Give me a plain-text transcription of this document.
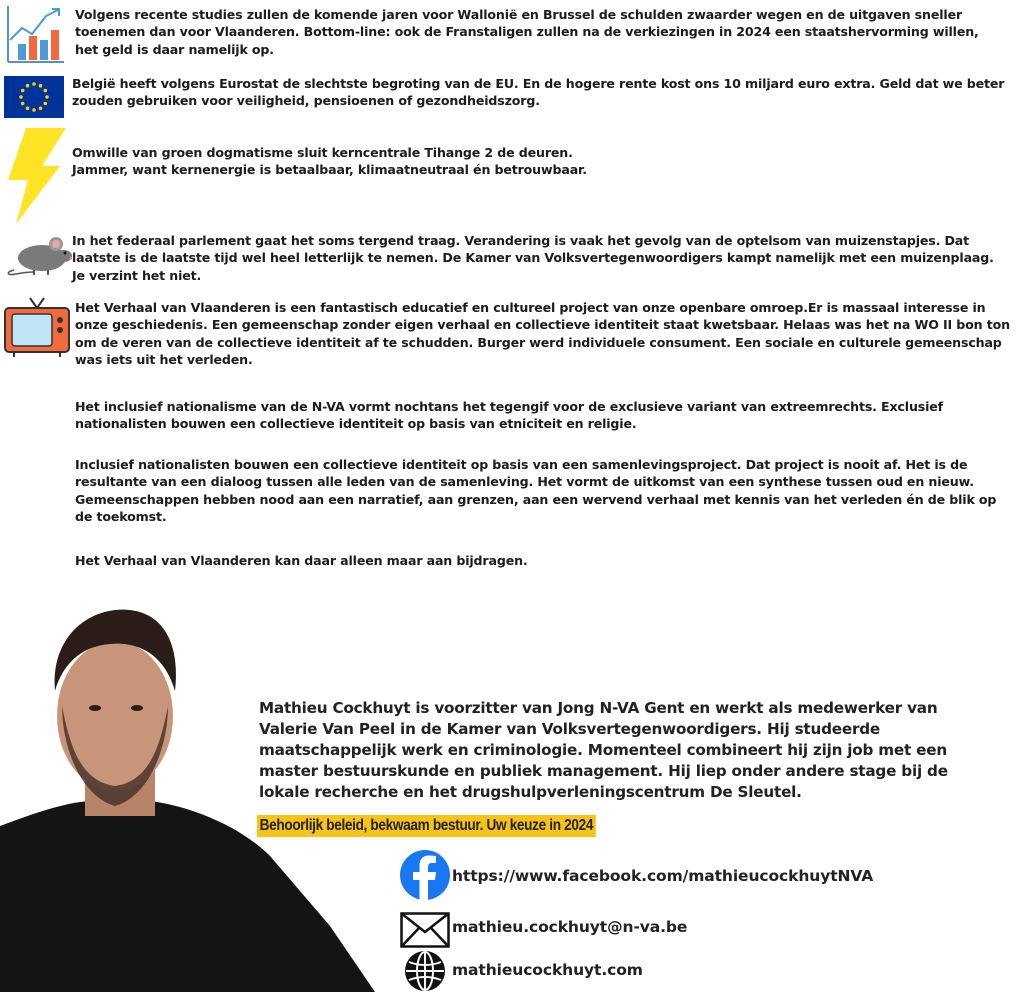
Volgens recente studies zullen de komende jaren voor Wallonië en Brussel de schulden zwaarder wegen en de uitgaven sneller toenemen dan voor Vlaanderen. Bottom-line: ook de Franstaligen zullen na de verkiezingen in 2024 een staatshervorming willen, het geld is daar namelijk op.
België heeft volgens Eurostat de slechtste begroting van de EU. En de hogere rente kost ons 10 miljard euro extra. Geld dat we beter zouden gebruiken voor veiligheid, pensioenen of gezondheidszorg.
Omwille van groen dogmatisme sluit kerncentrale Tihange 2 de deuren.
Jammer, want kernenergie is betaalbaar, klimaatneutraal én betrouwbaar.
In het federaal parlement gaat het soms tergend traag. Verandering is vaak het gevolg van de optelsom van muizenstapjes. Dat laatste is de laatste tijd wel heel letterlijk te nemen. De Kamer van Volksvertegenwoordigers kampt namelijk met een muizenplaag. Je verzint het niet.
Het Verhaal van Vlaanderen is een fantastisch educatief en cultureel project van onze openbare omroep.Er is massaal interesse in onze geschiedenis. Een gemeenschap zonder eigen verhaal en collectieve identiteit staat kwetsbaar. Helaas was het na WO II bon ton om de veren van de collectieve identiteit af te schudden. Burger werd individuele consument. Een sociale en culturele gemeenschap was iets uit het verleden.
Het inclusief nationalisme van de N-VA vormt nochtans het tegengif voor de exclusieve variant van extreemrechts. Exclusief nationalisten bouwen een collectieve identiteit op basis van etniciteit en religie.
Inclusief nationalisten bouwen een collectieve identiteit op basis van een samenlevingsproject. Dat project is nooit af. Het is de resultante van een dialoog tussen alle leden van de samenleving. Het vormt de uitkomst van een synthese tussen oud en nieuw. Gemeenschappen hebben nood aan een narratief, aan grenzen, aan een wervend verhaal met kennis van het verleden én de blik op de toekomst.
Het Verhaal van Vlaanderen kan daar alleen maar aan bijdragen.
Mathieu Cockhuyt is voorzitter van Jong N-VA Gent en werkt als medewerker van Valerie Van Peel in de Kamer van Volksvertegenwoordigers. Hij studeerde maatschappelijk werk en criminologie. Momenteel combineert hij zijn job met een master bestuurskunde en publiek management. Hij liep onder andere stage bij de lokale recherche en het drugshulpverleningscentrum De Sleutel.
Behoorlijk beleid, bekwaam bestuur. Uw keuze in 2024
https://www.facebook.com/mathieucockhuytNVA
mathieu.cockhuyt@n-va.be
mathieucockhuyt.com
